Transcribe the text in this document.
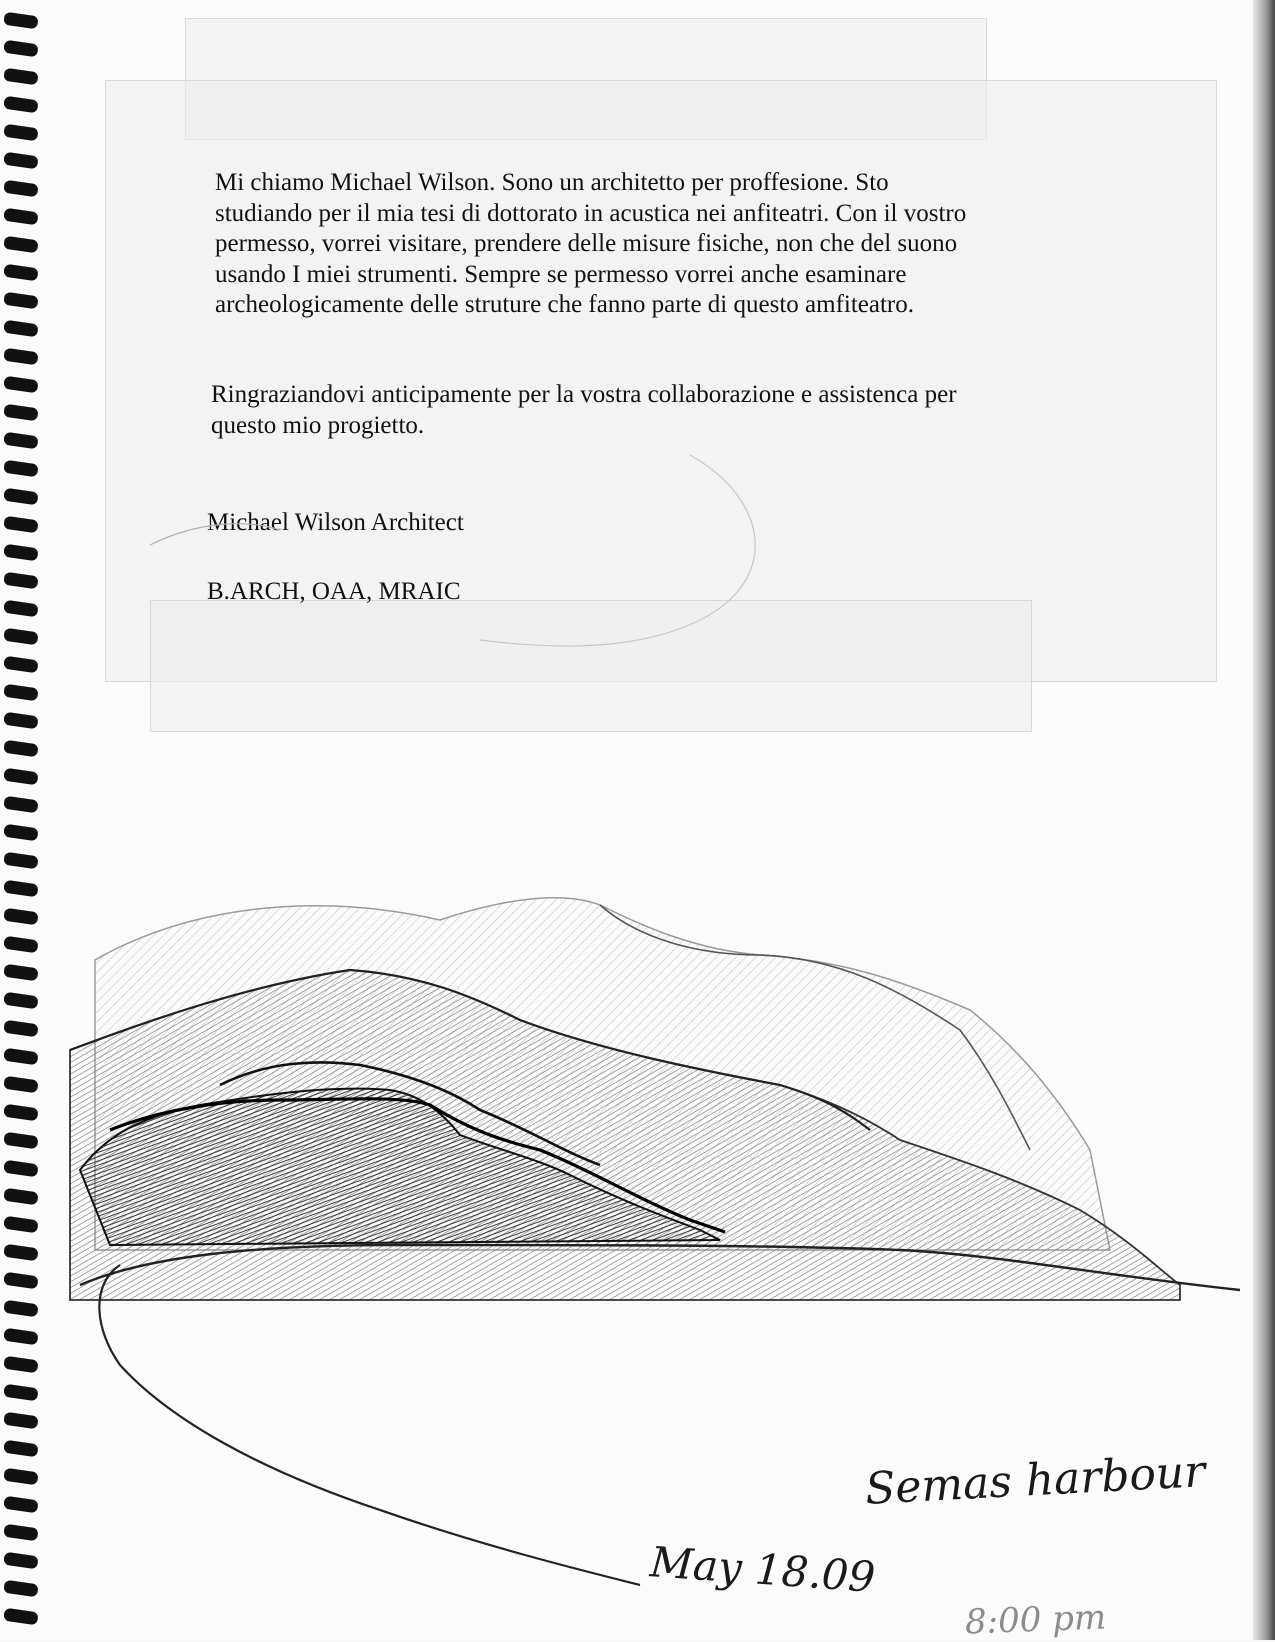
Mi chiamo Michael Wilson. Sono un architetto per proffesione. Sto

studiando per il mia tesi di dottorato in acustica nei anfiteatri. Con il vostro

permesso, vorrei visitare, prendere delle misure fisiche, non che del suono

usando I miei strumenti. Sempre se permesso vorrei anche esaminare

archeologicamente delle struture che fanno parte di questo amfiteatro.

Ringraziandovi anticipamente per la vostra collaborazione e assistenca per

questo mio progietto.

Michael Wilson Architect
B.ARCH, OAA, MRAIC
Semas harbour
May 18.09
8:00 pm
